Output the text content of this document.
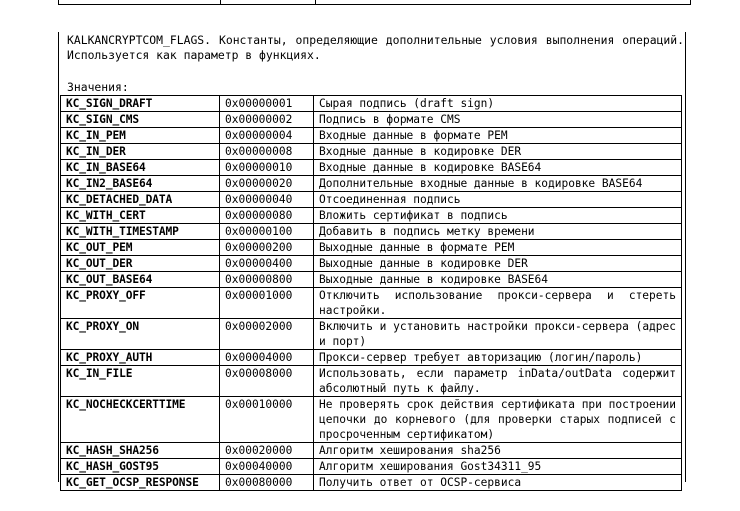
KALKANCRYPTCOM_FLAGS. Константы, определяющие дополнительные условия выполнения операций. Используется как параметр в функциях.
Значения:
KC_SIGN_DRAFT	0x00000001	Сырая подпись (draft sign)
KC_SIGN_CMS	0x00000002	Подпись в формате CMS
KC_IN_PEM	0x00000004	Входные данные в формате PEM
KC_IN_DER	0x00000008	Входные данные в кодировке DER
KC_IN_BASE64	0x00000010	Входные данные в кодировке BASE64
KC_IN2_BASE64	0x00000020	Дополнительные входные данные в кодировке BASE64
KC_DETACHED_DATA	0x00000040	Отсоединенная подпись
KC_WITH_CERT	0x00000080	Вложить сертификат в подпись
KC_WITH_TIMESTAMP	0x00000100	Добавить в подпись метку времени
KC_OUT_PEM	0x00000200	Выходные данные в формате PEM
KC_OUT_DER	0x00000400	Выходные данные в кодировке DER
KC_OUT_BASE64	0x00000800	Выходные данные в кодировке BASE64
KC_PROXY_OFF	0x00001000	Отключить использование прокси-сервера и стереть настройки.
KC_PROXY_ON	0x00002000	Включить и установить настройки прокси-сервера (адрес и порт)
KC_PROXY_AUTH	0x00004000	Прокси-сервер требует авторизацию (логин/пароль)
KC_IN_FILE	0x00008000	Использовать, если параметр inData/outData содержит абсолютный путь к файлу.
KC_NOCHECKCERTTIME	0x00010000	Не проверять срок действия сертификата при построении цепочки до корневого (для проверки старых подписей с просроченным сертификатом)
KC_HASH_SHA256	0x00020000	Алгоритм хеширования sha256
KC_HASH_GOST95	0x00040000	Алгоритм хеширования Gost34311_95
KC_GET_OCSP_RESPONSE	0x00080000	Получить ответ от OCSP-сервиса
